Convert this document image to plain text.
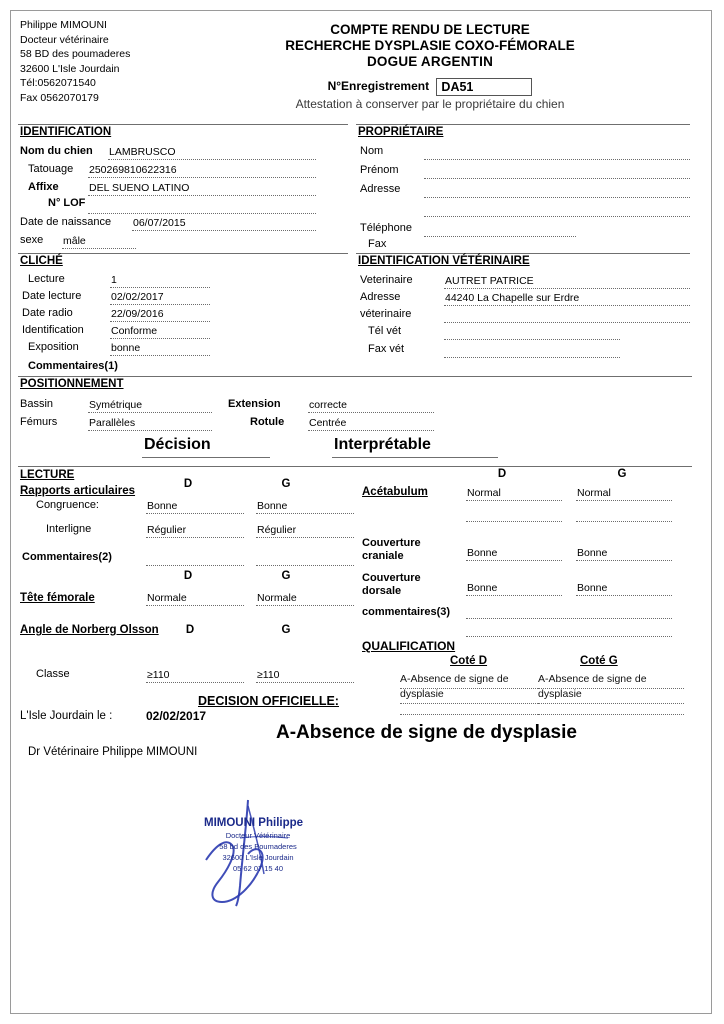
Philippe MIMOUNI
Docteur vétérinaire
58 BD des poumaderes
32600 L'Isle Jourdain
Tél:0562071540
Fax 0562070179
COMPTE RENDU DE LECTURE
RECHERCHE DYSPLASIE COXO-FÉMORALE
DOGUE ARGENTIN
N°Enregistrement DA51
Attestation à conserver par le propriétaire du chien
IDENTIFICATION
Nom du chien LAMBRUSCO
Tatouage 250269810622316
Affixe	DEL SUENO LATINO
N° LOF
Date de naissance 06/07/2015
sexe mâle
PROPRIÉTAIRE
Nom
Prénom
Adresse
Téléphone
Fax
CLICHÉ
Lecture	1
Date lecture	02/02/2017
Date radio	22/09/2016
Identification	Conforme
Exposition	bonne
Commentaires(1)
IDENTIFICATION VÉTÉRINAIRE
Veterinaire	AUTRET PATRICE
Adresse	44240 La Chapelle sur Erdre
véterinaire
Tél vét
Fax vét
POSITIONNEMENT
Bassin	Symétrique	Extension	correcte
Fémurs	Parallèles	Rotule Centrée
Décision	Interprétable
LECTURE
Rapports articulaires
D	G
Congruence:	Bonne	Bonne
Interligne	Régulier	Régulier
Commentaires(2)
D	G
Tête fémorale	Normale	Normale
Angle de Norberg Olsson	D	G
Classe	≥110	≥110
D	G
Acétabulum	Normal	Normal
Couverture craniale	Bonne	Bonne
Couverture dorsale	Bonne	Bonne
commentaires(3)
QUALIFICATION
Coté D	Coté G
A-Absence de signe de dysplasie
A-Absence de signe de dysplasie
DECISION OFFICIELLE:
L'Isle Jourdain le :	02/02/2017
A-Absence de signe de dysplasie
Dr Vétérinaire Philippe MIMOUNI
MIMOUNI Philippe
Docteur Vétérinaire
58 bd des Poumaderes
32600 L'Isle Jourdain
05 62 07 15 40
